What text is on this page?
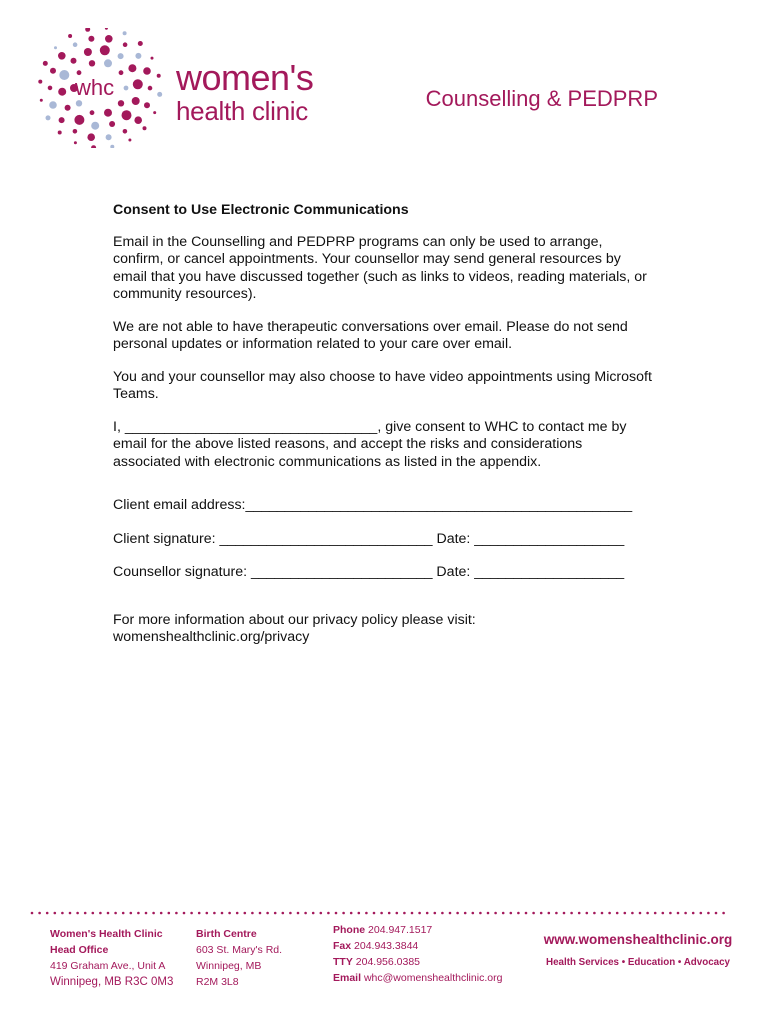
whc women's
health clinic	Counselling & PEDPRP

Consent to Use Electronic Communications

Email in the Counselling and PEDPRP programs can only be used to arrange, confirm, or cancel appointments. Your counsellor may send general resources by email that you have discussed together (such as links to videos, reading materials, or community resources).

We are not able to have therapeutic conversations over email. Please do not send personal updates or information related to your care over email.

You and your counsellor may also choose to have video appointments using Microsoft Teams.

I, ________________________________, give consent to WHC to contact me by email for the above listed reasons, and accept the risks and considerations associated with electronic communications as listed in the appendix.

Client email address:_________________________________________________

Client signature: ___________________________ Date: ___________________

Counsellor signature: _______________________ Date: ___________________

For more information about our privacy policy please visit:
womenshealthclinic.org/privacy

Women's Health Clinic
Head Office
419 Graham Ave., Unit A
Winnipeg, MB R3C 0M3
Birth Centre
603 St. Mary's Rd.
Winnipeg, MB
R2M 3L8
Phone 204.947.1517
Fax 204.943.3844
TTY 204.956.0385
Email whc@womenshealthclinic.org
www.womenshealthclinic.org
Health Services • Education • Advocacy
